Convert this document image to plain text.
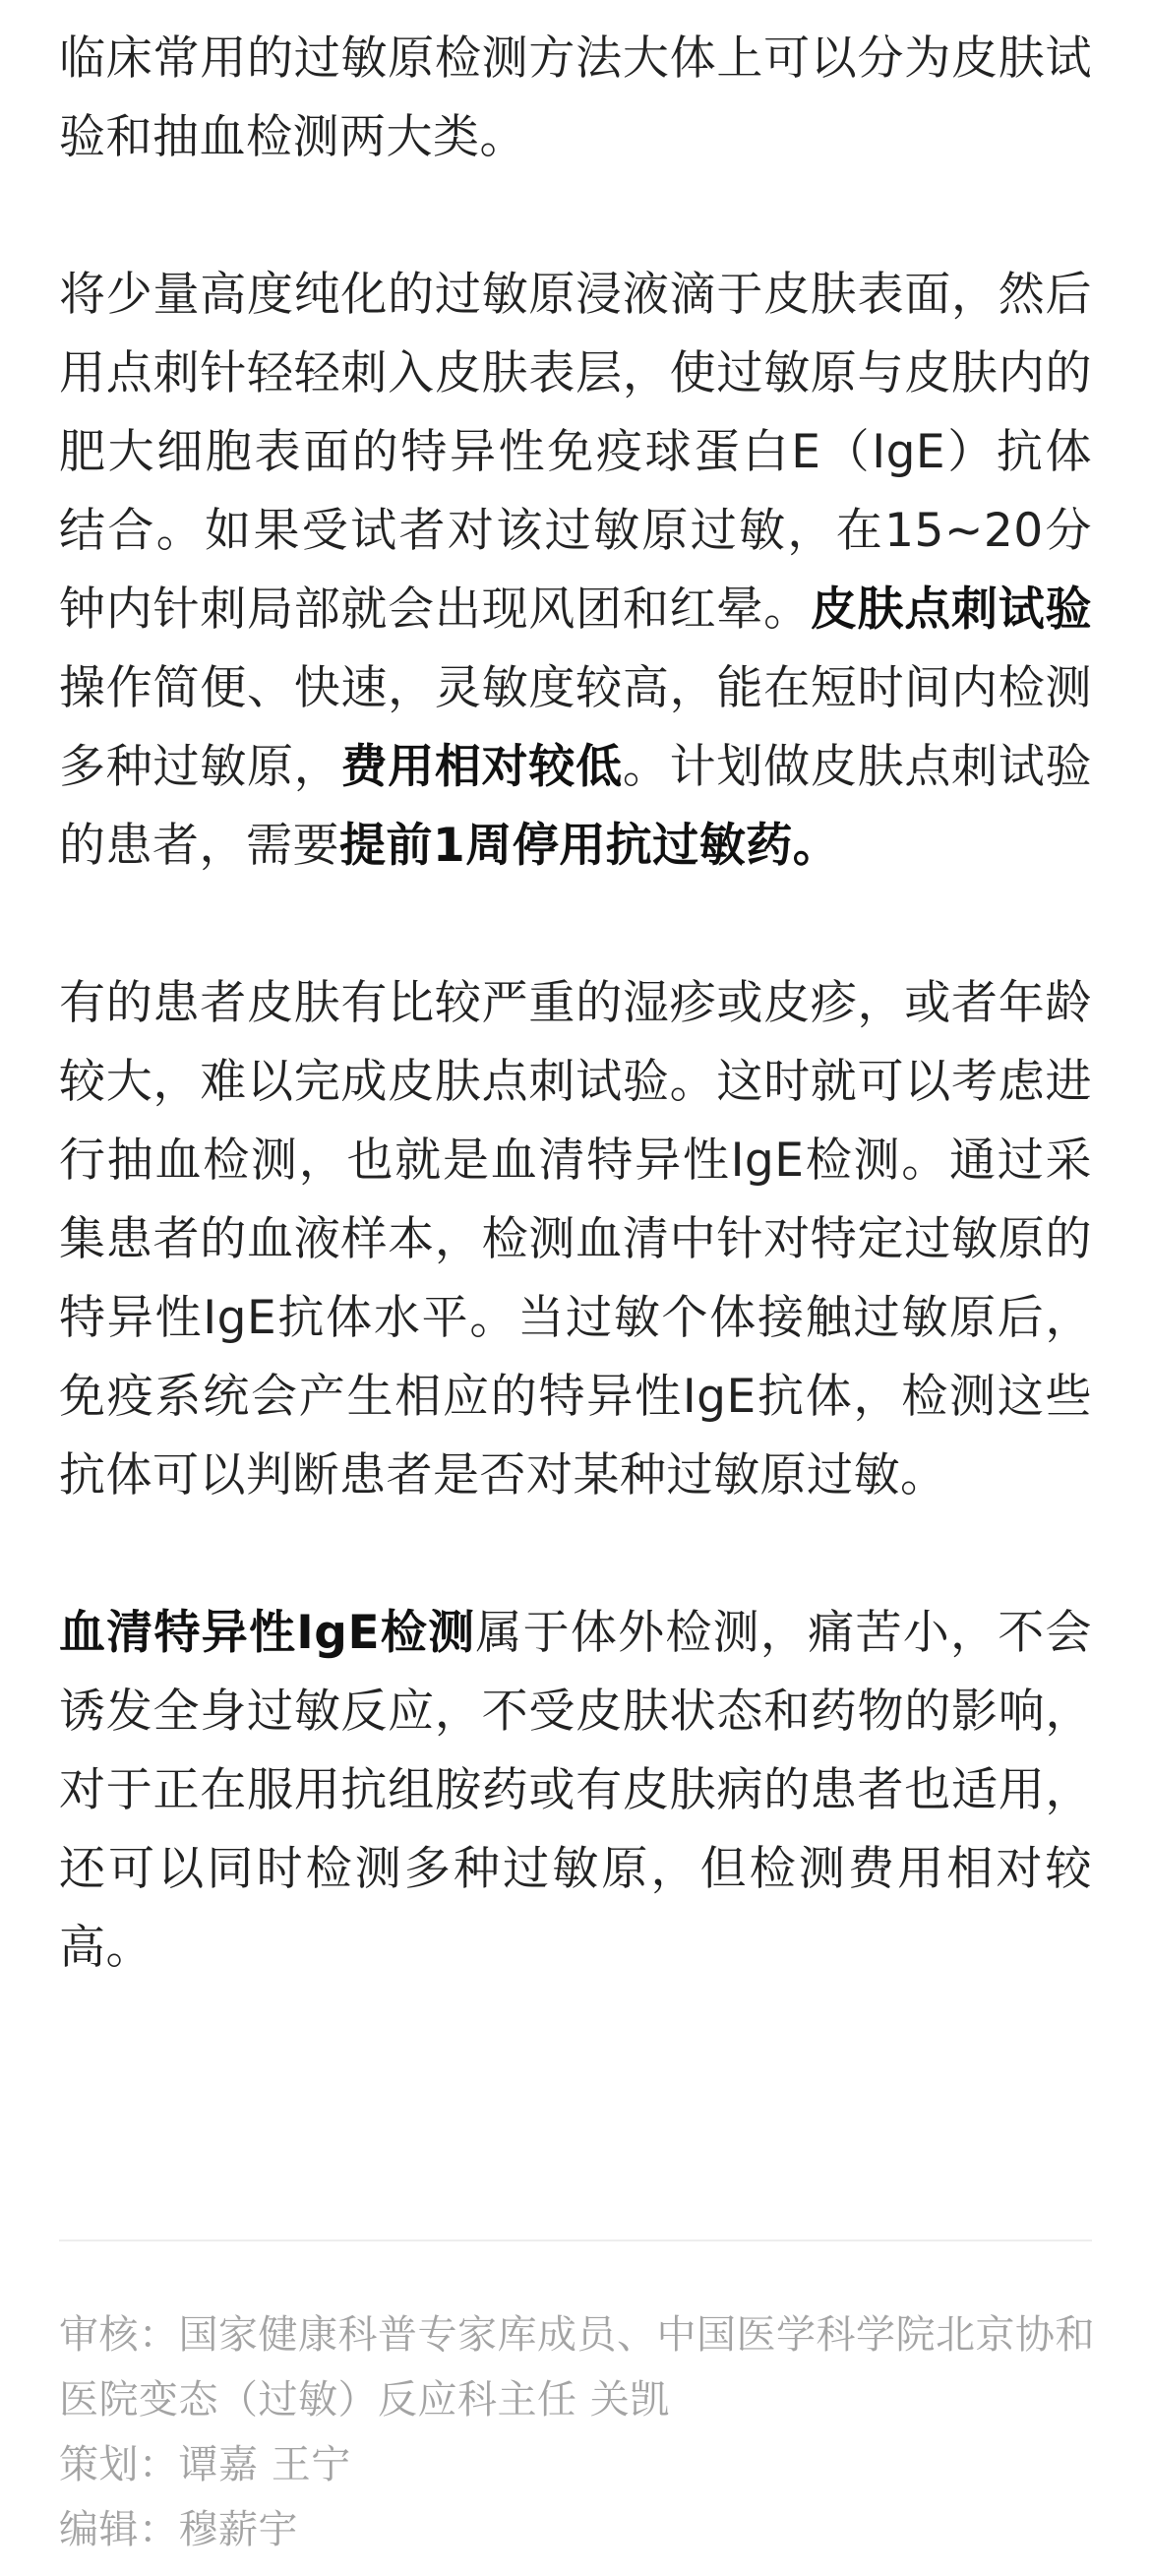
临床常用的过敏原检测方法大体上可以分为皮肤试验和抽血检测两大类。

将少量高度纯化的过敏原浸液滴于皮肤表面，然后用点刺针轻轻刺入皮肤表层，使过敏原与皮肤内的肥大细胞表面的特异性免疫球蛋白E（IgE）抗体结合。如果受试者对该过敏原过敏，在15~20分钟内针刺局部就会出现风团和红晕。皮肤点刺试验操作简便、快速，灵敏度较高，能在短时间内检测多种过敏原，费用相对较低。计划做皮肤点刺试验的患者，需要提前1周停用抗过敏药。

有的患者皮肤有比较严重的湿疹或皮疹，或者年龄较大，难以完成皮肤点刺试验。这时就可以考虑进行抽血检测，也就是血清特异性IgE检测。通过采集患者的血液样本，检测血清中针对特定过敏原的特异性IgE抗体水平。当过敏个体接触过敏原后，免疫系统会产生相应的特异性IgE抗体，检测这些抗体可以判断患者是否对某种过敏原过敏。

血清特异性IgE检测属于体外检测，痛苦小，不会诱发全身过敏反应，不受皮肤状态和药物的影响，对于正在服用抗组胺药或有皮肤病的患者也适用，还可以同时检测多种过敏原，但检测费用相对较高。

审核：国家健康科普专家库成员、中国医学科学院北京协和医院变态（过敏）反应科主任 关凯

策划：谭嘉 王宁

编辑：穆薪宇
